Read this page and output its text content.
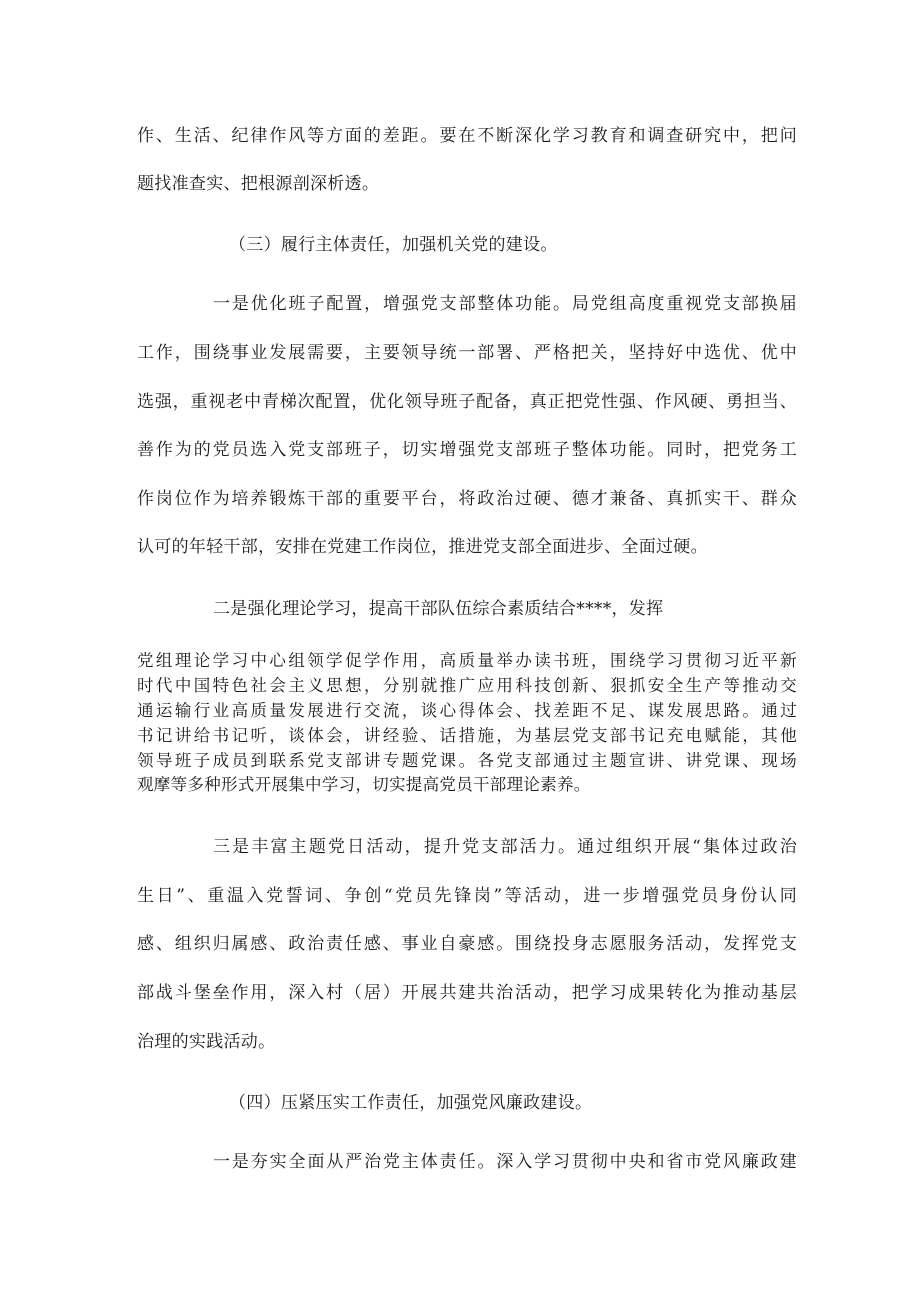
作、生活、纪律作风等方面的差距。要在不断深化学习教育和调查研究中，把问
题找准查实、把根源剖深析透。
（三）履行主体责任，加强机关党的建设。
一是优化班子配置，增强党支部整体功能。局党组高度重视党支部换届
工作，围绕事业发展需要，主要领导统一部署、严格把关，坚持好中选优、优中
选强，重视老中青梯次配置，优化领导班子配备，真正把党性强、作风硬、勇担当、
善作为的党员选入党支部班子，切实增强党支部班子整体功能。同时，把党务工
作岗位作为培养锻炼干部的重要平台，将政治过硬、德才兼备、真抓实干、群众
认可的年轻干部，安排在党建工作岗位，推进党支部全面进步、全面过硬。
二是强化理论学习，提高干部队伍综合素质结合****，发挥
党组理论学习中心组领学促学作用，高质量举办读书班，围绕学习贯彻习近平新
时代中国特色社会主义思想，分别就推广应用科技创新、狠抓安全生产等推动交
通运输行业高质量发展进行交流，谈心得体会、找差距不足、谋发展思路。通过
书记讲给书记听，谈体会，讲经验、话措施，为基层党支部书记充电赋能，其他
领导班子成员到联系党支部讲专题党课。各党支部通过主题宣讲、讲党课、现场
观摩等多种形式开展集中学习，切实提高党员干部理论素养。
三是丰富主题党日活动，提升党支部活力。通过组织开展“集体过政治
生日”、重温入党誓词、争创“党员先锋岗”等活动，进一步增强党员身份认同
感、组织归属感、政治责任感、事业自豪感。围绕投身志愿服务活动，发挥党支
部战斗堡垒作用，深入村（居）开展共建共治活动，把学习成果转化为推动基层
治理的实践活动。
（四）压紧压实工作责任，加强党风廉政建设。
一是夯实全面从严治党主体责任。深入学习贯彻中央和省市党风廉政建
